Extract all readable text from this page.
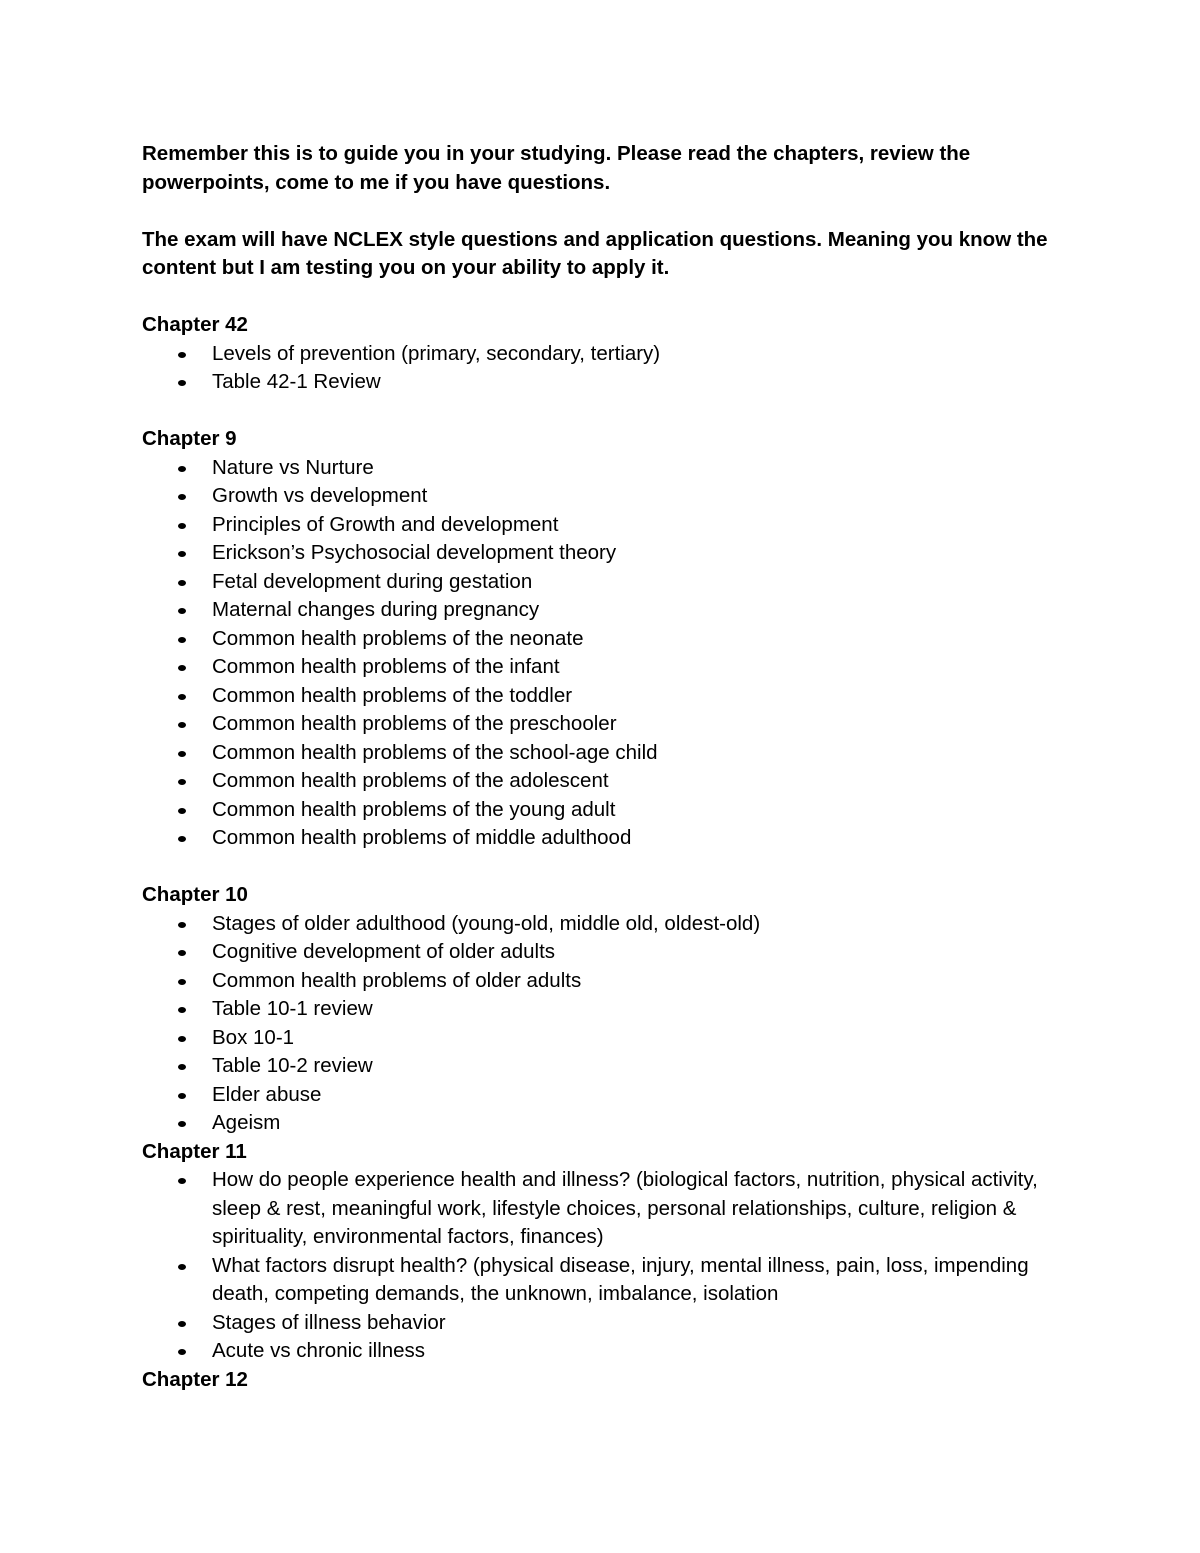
Remember this is to guide you in your studying. Please read the chapters, review the powerpoints, come to me if you have questions.

The exam will have NCLEX style questions and application questions. Meaning you know the content but I am testing you on your ability to apply it.

Chapter 42

Levels of prevention (primary, secondary, tertiary)
Table 42-1 Review

Chapter 9

Nature vs Nurture
Growth vs development
Principles of Growth and development
Erickson’s Psychosocial development theory
Fetal development during gestation
Maternal changes during pregnancy
Common health problems of the neonate
Common health problems of the infant
Common health problems of the toddler
Common health problems of the preschooler
Common health problems of the school-age child
Common health problems of the adolescent
Common health problems of the young adult
Common health problems of middle adulthood

Chapter 10

Stages of older adulthood (young-old, middle old, oldest-old)
Cognitive development of older adults
Common health problems of older adults
Table 10-1 review
Box 10-1
Table 10-2 review
Elder abuse
Ageism

Chapter 11

How do people experience health and illness? (biological factors, nutrition, physical activity, sleep & rest, meaningful work, lifestyle choices, personal relationships, culture, religion & spirituality, environmental factors, finances)
What factors disrupt health? (physical disease, injury, mental illness, pain, loss, impending death, competing demands, the unknown, imbalance, isolation
Stages of illness behavior
Acute vs chronic illness

Chapter 12
